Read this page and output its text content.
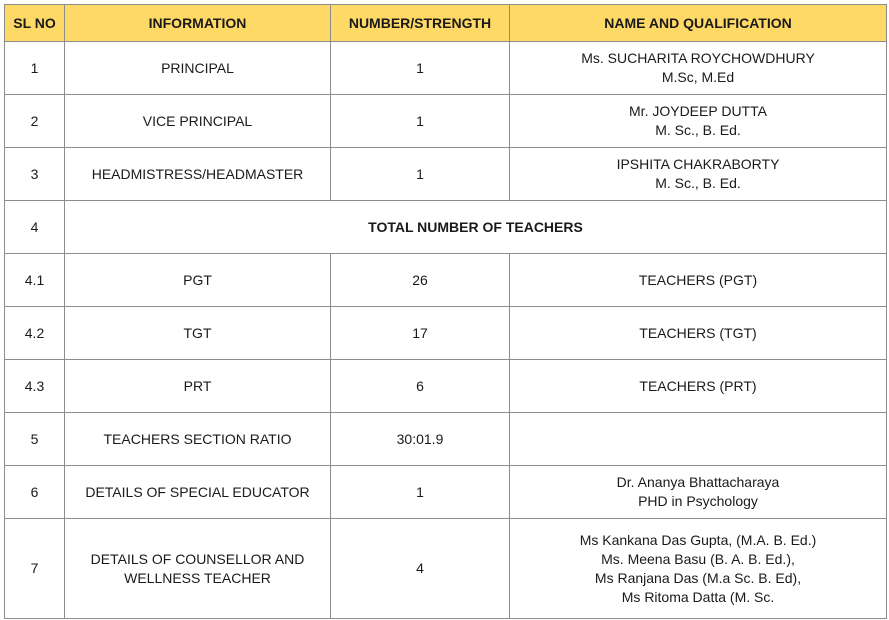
SL NO	INFORMATION	NUMBER/STRENGTH	NAME AND QUALIFICATION
1	PRINCIPAL	1	Ms. SUCHARITA ROYCHOWDHURY
M.Sc, M.Ed

2	VICE PRINCIPAL	1	Mr. JOYDEEP DUTTA
M. Sc., B. Ed.

3	HEADMISTRESS/HEADMASTER	1	IPSHITA CHAKRABORTY
M. Sc., B. Ed.

4	TOTAL NUMBER OF TEACHERS		
4.1	PGT	26	TEACHERS (PGT)

4.2	TGT	17	TEACHERS (TGT)

4.3	PRT	6	TEACHERS (PRT)

5	TEACHERS SECTION RATIO	30:01.9	
6	DETAILS OF SPECIAL EDUCATOR	1	Dr. Ananya Bhattacharaya
PHD in Psychology

7	DETAILS OF COUNSELLOR AND
WELLNESS TEACHER	4	Ms Kankana Das Gupta, (M.A. B. Ed.)
Ms. Meena Basu (B. A. B. Ed.),
Ms Ranjana Das (M.a Sc. B. Ed),
Ms Ritoma Datta (M. Sc.
